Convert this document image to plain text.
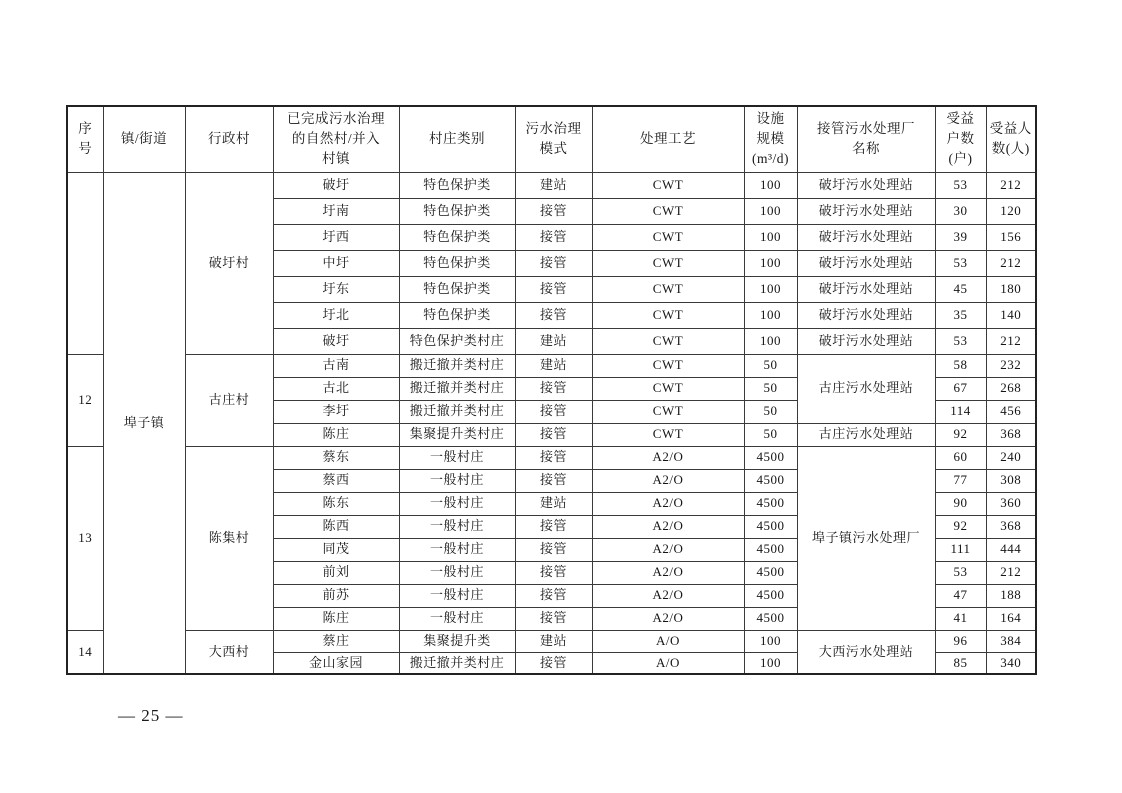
序
号	镇/街道	行政村	已完成污水治理
的自然村/并入
村镇	村庄类别	污水治理
模式	处理工艺	设施
规模
(m³/d)	接管污水处理厂
名称	受益
户数
(户)	受益人
数(人)
	埠子镇	破圩村	破圩	特色保护类	建站	CWT	100	破圩污水处理站	53	212
			圩南	特色保护类	接管	CWT	100	破圩污水处理站	30	120
			圩西	特色保护类	接管	CWT	100	破圩污水处理站	39	156
			中圩	特色保护类	接管	CWT	100	破圩污水处理站	53	212
			圩东	特色保护类	接管	CWT	100	破圩污水处理站	45	180
			圩北	特色保护类	接管	CWT	100	破圩污水处理站	35	140
			破圩	特色保护类村庄	建站	CWT	100	破圩污水处理站	53	212
12		古庄村	古南	搬迁撤并类村庄	建站	CWT	50	古庄污水处理站	58	232
			古北	搬迁撤并类村庄	接管	CWT	50		67	268
			李圩	搬迁撤并类村庄	接管	CWT	50		114	456
			陈庄	集聚提升类村庄	接管	CWT	50	古庄污水处理站	92	368
13		陈集村	蔡东	一般村庄	接管	A2/O	4500	埠子镇污水处理厂	60	240
			蔡西	一般村庄	接管	A2/O	4500		77	308
			陈东	一般村庄	建站	A2/O	4500		90	360
			陈西	一般村庄	接管	A2/O	4500		92	368
			同茂	一般村庄	接管	A2/O	4500		111	444
			前刘	一般村庄	接管	A2/O	4500		53	212
			前苏	一般村庄	接管	A2/O	4500		47	188
			陈庄	一般村庄	接管	A2/O	4500		41	164
14		大西村	蔡庄	集聚提升类	建站	A/O	100	大西污水处理站	96	384
			金山家园	搬迁撤并类村庄	接管	A/O	100		85	340
— 25 —
